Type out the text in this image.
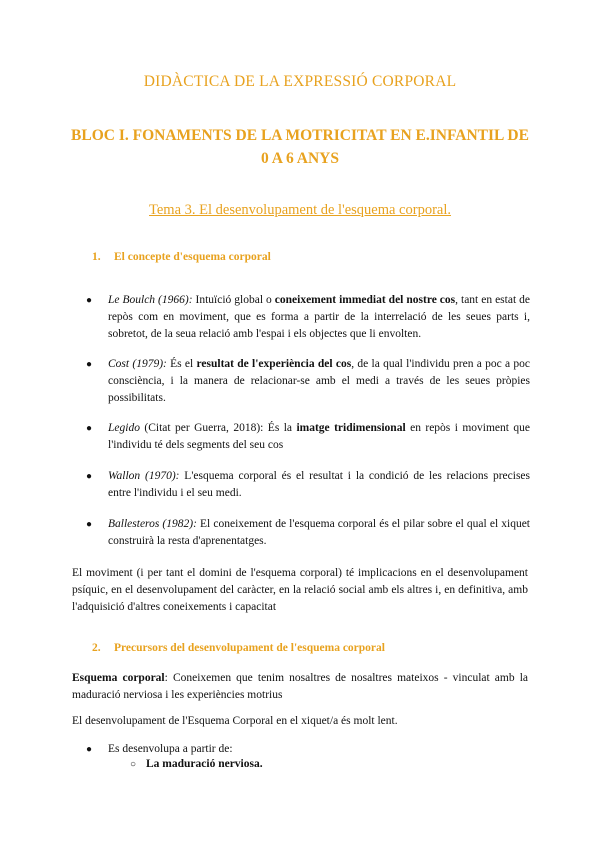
DIDÀCTICA DE LA EXPRESSIÓ CORPORAL
BLOC I. FONAMENTS DE LA MOTRICITAT EN E.INFANTIL DE 0 A 6 ANYS
Tema 3. El desenvolupament de l'esquema corporal.
1. El concepte d'esquema corporal
● Le Boulch (1966): Intuïció global o coneixement immediat del nostre cos, tant en estat de repòs com en moviment, que es forma a partir de la interrelació de les seues parts i, sobretot, de la seua relació amb l'espai i els objectes que li envolten.
● Cost (1979): És el resultat de l'experiència del cos, de la qual l'individu pren a poc a poc consciència, i la manera de relacionar-se amb el medi a través de les seues pròpies possibilitats.
● Legido (Citat per Guerra, 2018): És la imatge tridimensional en repòs i moviment que l'individu té dels segments del seu cos
● Wallon (1970): L'esquema corporal és el resultat i la condició de les relacions precises entre l'individu i el seu medi.
● Ballesteros (1982): El coneixement de l'esquema corporal és el pilar sobre el qual el xiquet construirà la resta d'aprenentatges.
El moviment (i per tant el domini de l'esquema corporal) té implicacions en el desenvolupament psíquic, en el desenvolupament del caràcter, en la relació social amb els altres i, en definitiva, amb l'adquisició d'altres coneixements i capacitat
2. Precursors del desenvolupament de l'esquema corporal
Esquema corporal: Coneixemen que tenim nosaltres de nosaltres mateixos - vinculat amb la maduració nerviosa i les experiències motrius
El desenvolupament de l'Esquema Corporal en el xiquet/a és molt lent.
● Es desenvolupa a partir de:
○ La maduració nerviosa.
